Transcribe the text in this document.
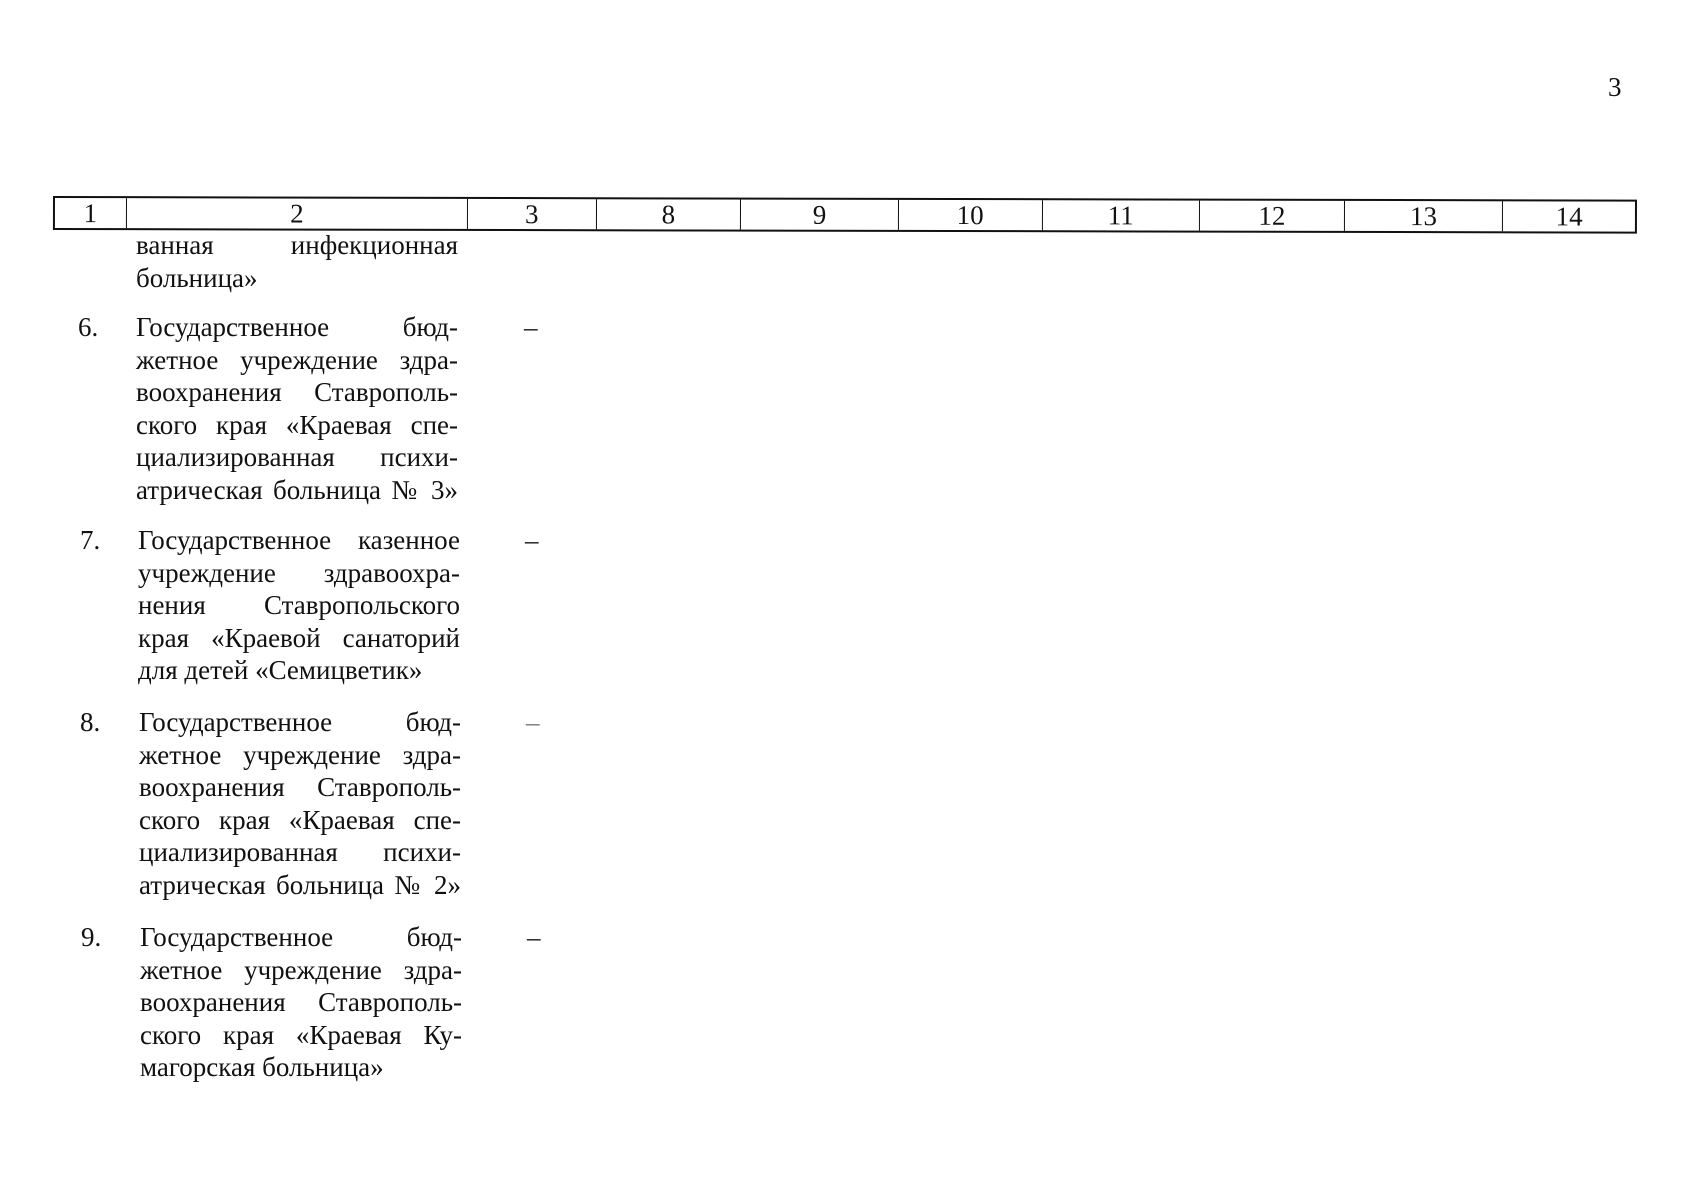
3
1	2	3	8	9	10	11	12	13	14
ванная инфекционная
больница»
6.	Государственное бюд-
жетное учреждение здра-
воохранения Ставрополь-
ского края «Краевая спе-
циализированная психи-
атрическая больница № 3»
–
7.	Государственное казенное
учреждение здравоохра-
нения Ставропольского
края «Краевой санаторий
для детей «Семицветик»
–
8.	Государственное бюд-
жетное учреждение здра-
воохранения Ставрополь-
ского края «Краевая спе-
циализированная психи-
атрическая больница № 2»
–
9.	Государственное бюд-
жетное учреждение здра-
воохранения Ставрополь-
ского края «Краевая Ку-
магорская больница»
–
